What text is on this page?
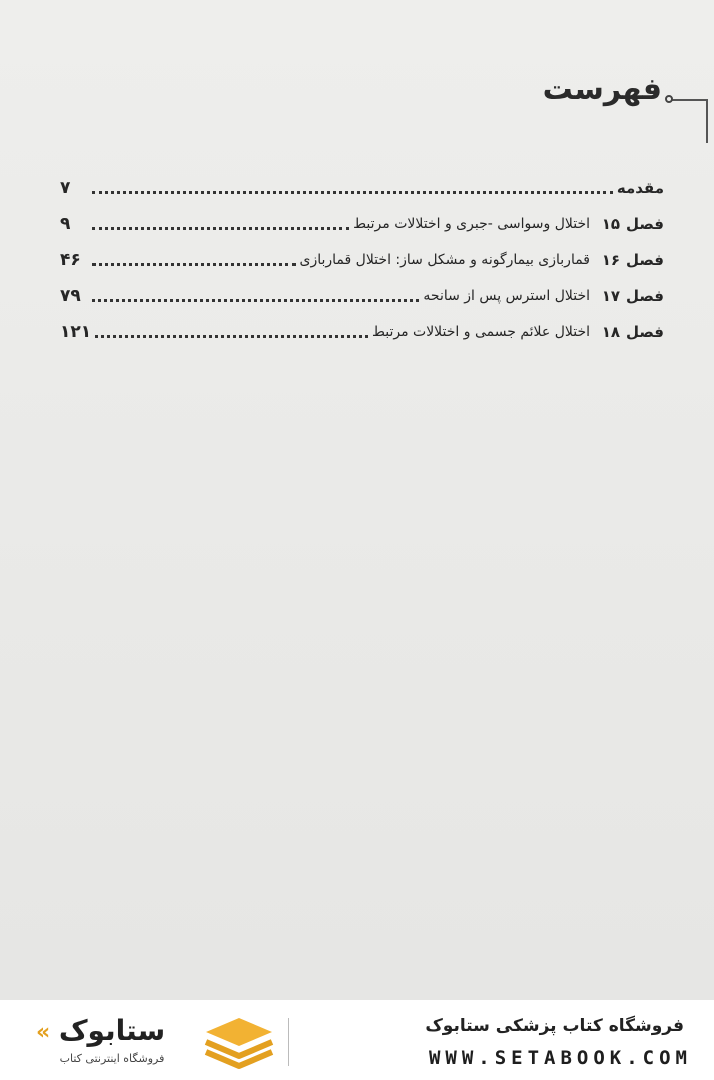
فهرست
مقدمه
۷
فصل
۱۵
اختلال وسواسی -جبری و اختلالات مرتبط
۹
فصل
۱۶
قماربازی بیمارگونه و مشکل ساز: اختلال قماربازی
۴۶
فصل
۱۷
اختلال استرس پس از سانحه
۷۹
فصل
۱۸
اختلال علائم جسمی و اختلالات مرتبط
۱۲۱
« ستابوک
فروشگاه اینترنتی کتاب
فروشگاه کتاب پزشکی ستابوک
WWW.SETABOOK.COM
